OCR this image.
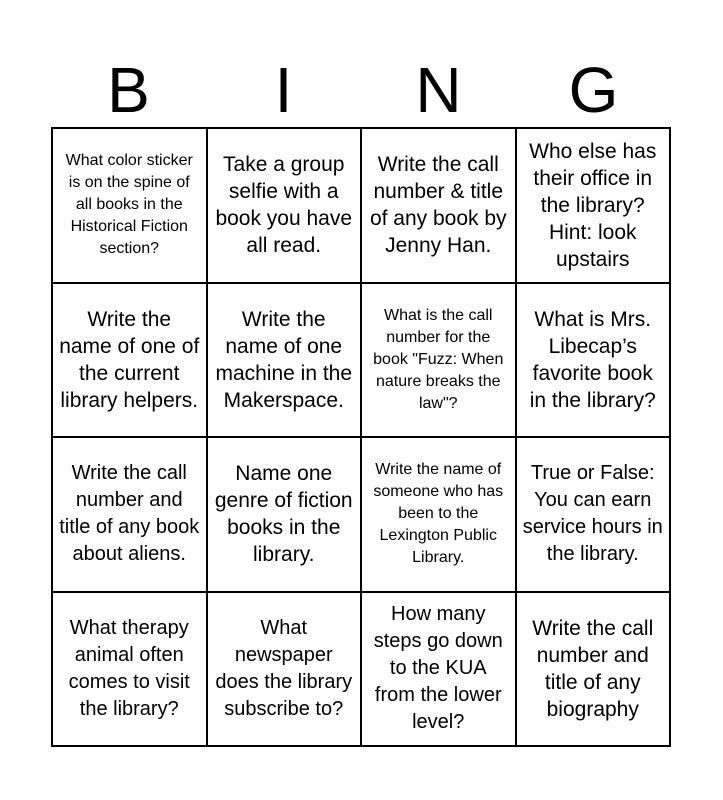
B	I	N	G
What color sticker is on the spine of all books in the Historical Fiction section?
Take a group selfie with a book you have all read.
Write the call number & title of any book by Jenny Han.
Who else has their office in the library? Hint: look upstairs
Write the name of one of the current library helpers.
Write the name of one machine in the Makerspace.
What is the call number for the book "Fuzz: When nature breaks the law"?
What is Mrs. Libecap’s favorite book in the library?
Write the call number and title of any book about aliens.
Name one genre of fiction books in the library.
Write the name of someone who has been to the Lexington Public Library.
True or False: You can earn service hours in the library.
What therapy animal often comes to visit the library?
What newspaper does the library subscribe to?
How many steps go down to the KUA from the lower level?
Write the call number and title of any biography
